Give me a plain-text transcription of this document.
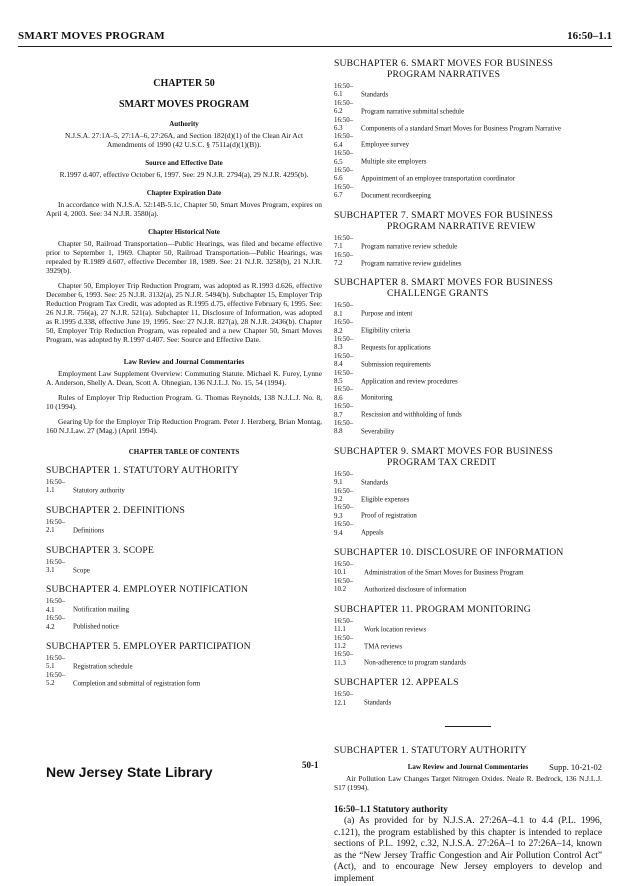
SMART MOVES PROGRAM	16:50–1.1
CHAPTER 50
SMART MOVES PROGRAM
Authority
N.J.S.A. 27:1A–5, 27:1A–6, 27:26A, and Section 182(d)(1) of the Clean Air Act Amendments of 1990 (42 U.S.C. § 7511a(d)(1)(B)).
Source and Effective Date
R.1997 d.407, effective October 6, 1997. See: 29 N.J.R. 2794(a), 29 N.J.R. 4295(b).
Chapter Expiration Date
In accordance with N.J.S.A. 52:14B-5.1c, Chapter 50, Smart Moves Program, expires on April 4, 2003. See: 34 N.J.R. 3580(a).
Chapter Historical Note
Chapter 50, Railroad Transportation—Public Hearings, was filed and became effective prior to September 1, 1969. Chapter 50, Railroad Transportation—Public Hearings, was repealed by R.1989 d.607, effective December 18, 1989. See: 21 N.J.R. 3258(b), 21 N.J.R. 3929(b).
Chapter 50, Employer Trip Reduction Program, was adopted as R.1993 d.626, effective December 6, 1993. See: 25 N.J.R. 3132(a), 25 N.J.R. 5494(b). Subchapter 15, Employer Trip Reduction Program Tax Credit, was adopted as R.1995 d.75, effective February 6, 1995. See: 26 N.J.R. 756(a), 27 N.J.R. 521(a). Subchapter 11, Disclosure of Information, was adopted as R.1995 d.338, effective June 19, 1995. See: 27 N.J.R. 827(a), 28 N.J.R. 2436(b). Chapter 50, Employer Trip Reduction Program, was repealed and a new Chapter 50, Smart Moves Program, was adopted by R.1997 d.407. See: Source and Effective Date.
Law Review and Journal Commentaries
Employment Law Supplement Overview: Commuting Statute. Michael K. Furey, Lynne A. Anderson, Shelly A. Dean, Scott A. Ohnegian, 136 N.J.L.J. No. 15, 54 (1994).
Rules of Employer Trip Reduction Program. G. Thomas Reynolds, 138 N.J.L.J. No. 8, 10 (1994).
Gearing Up for the Employer Trip Reduction Program. Peter J. Herzberg, Brian Montag, 160 N.J.Law. 27 (Mag.) (April 1994).
CHAPTER TABLE OF CONTENTS
SUBCHAPTER 1. STATUTORY AUTHORITY
16:50–1.1	Statutory authority
SUBCHAPTER 2. DEFINITIONS
16:50–2.1	Definitions
SUBCHAPTER 3. SCOPE
16:50–3.1	Scope
SUBCHAPTER 4. EMPLOYER NOTIFICATION
16:50–4.1	Notification mailing
16:50–4.2	Published notice
SUBCHAPTER 5. EMPLOYER PARTICIPATION
16:50–5.1	Registration schedule
16:50–5.2	Completion and submittal of registration form
SUBCHAPTER 6. SMART MOVES FOR BUSINESS
PROGRAM NARRATIVES
16:50–6.1	Standards
16:50–6.2	Program narrative submittal schedule
16:50–6.3	Components of a standard Smart Moves for Business Program Narrative
16:50–6.4	Employee survey
16:50–6.5	Multiple site employers
16:50–6.6	Appointment of an employee transportation coordinator
16:50–6.7	Document recordkeeping
SUBCHAPTER 7. SMART MOVES FOR BUSINESS
PROGRAM NARRATIVE REVIEW
16:50–7.1	Program narrative review schedule
16:50–7.2	Program narrative review guidelines
SUBCHAPTER 8. SMART MOVES FOR BUSINESS
CHALLENGE GRANTS
16:50–8.1	Purpose and intent
16:50–8.2	Eligibility criteria
16:50–8.3	Requests for applications
16:50–8.4	Submission requirements
16:50–8.5	Application and review procedures
16:50–8.6	Monitoring
16:50–8.7	Rescission and withholding of funds
16:50–8.8	Severability
SUBCHAPTER 9. SMART MOVES FOR BUSINESS
PROGRAM TAX CREDIT
16:50–9.1	Standards
16:50–9.2	Eligible expenses
16:50–9.3	Proof of registration
16:50–9.4	Appeals
SUBCHAPTER 10. DISCLOSURE OF INFORMATION
16:50–10.1	Administration of the Smart Moves for Business Program
16:50–10.2	Authorized disclosure of information
SUBCHAPTER 11. PROGRAM MONITORING
16:50–11.1	Work location reviews
16:50–11.2	TMA reviews
16:50–11.3	Non-adherence to program standards
SUBCHAPTER 12. APPEALS
16:50–12.1	Standards
SUBCHAPTER 1. STATUTORY AUTHORITY
Law Review and Journal Commentaries
Air Pollution Law Changes Target Nitrogen Oxides. Neale R. Bedrock, 136 N.J.L.J. S17 (1994).
16:50–1.1 Statutory authority
(a) As provided for by N.J.S.A. 27:26A–4.1 to 4.4 (P.L. 1996, c.121), the program established by this chapter is intended to replace sections of P.L. 1992, c.32, N.J.S.A. 27:26A–1 to 27:26A–14, known as the “New Jersey Traffic Congestion and Air Pollution Control Act” (Act), and to encourage New Jersey employers to develop and implement
New Jersey State Library	50-1	Supp. 10-21-02
